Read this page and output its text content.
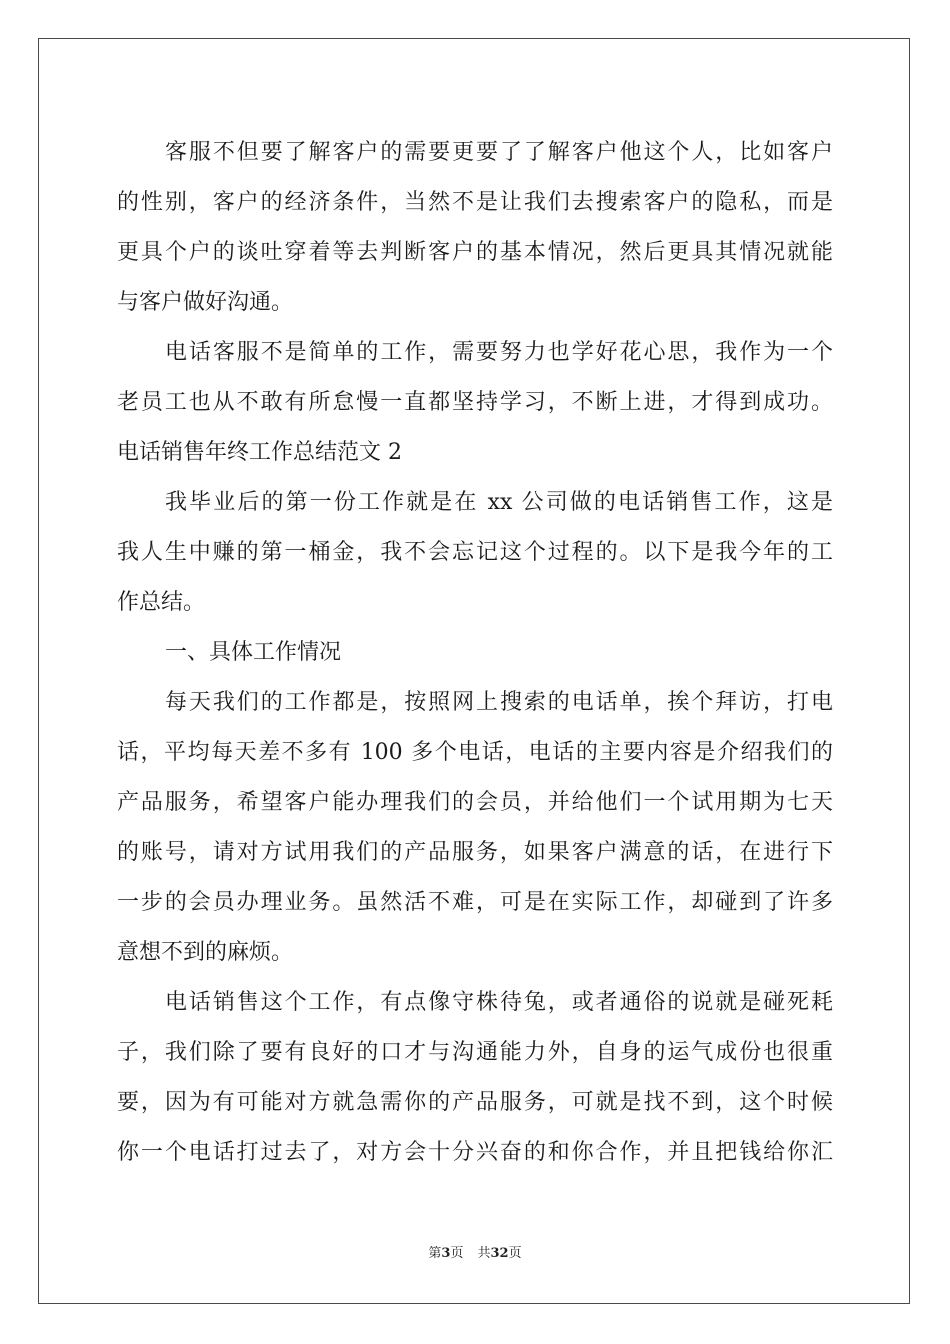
客服不但要了解客户的需要更要了了解客户他这个人，比如客户
的性别，客户的经济条件，当然不是让我们去搜索客户的隐私，而是
更具个户的谈吐穿着等去判断客户的基本情况，然后更具其情况就能
与客户做好沟通。
电话客服不是简单的工作，需要努力也学好花心思，我作为一个
老员工也从不敢有所怠慢一直都坚持学习，不断上进，才得到成功。
电话销售年终工作总结范文 2
我毕业后的第一份工作就是在 xx 公司做的电话销售工作，这是
我人生中赚的第一桶金，我不会忘记这个过程的。以下是我今年的工
作总结。
一、具体工作情况
每天我们的工作都是，按照网上搜索的电话单，挨个拜访，打电
话，平均每天差不多有 100 多个电话，电话的主要内容是介绍我们的
产品服务，希望客户能办理我们的会员，并给他们一个试用期为七天
的账号，请对方试用我们的产品服务，如果客户满意的话，在进行下
一步的会员办理业务。虽然活不难，可是在实际工作，却碰到了许多
意想不到的麻烦。
电话销售这个工作，有点像守株待兔，或者通俗的说就是碰死耗
子，我们除了要有良好的口才与沟通能力外，自身的运气成份也很重
要，因为有可能对方就急需你的产品服务，可就是找不到，这个时候
你一个电话打过去了，对方会十分兴奋的和你合作，并且把钱给你汇
第3页 共32页
